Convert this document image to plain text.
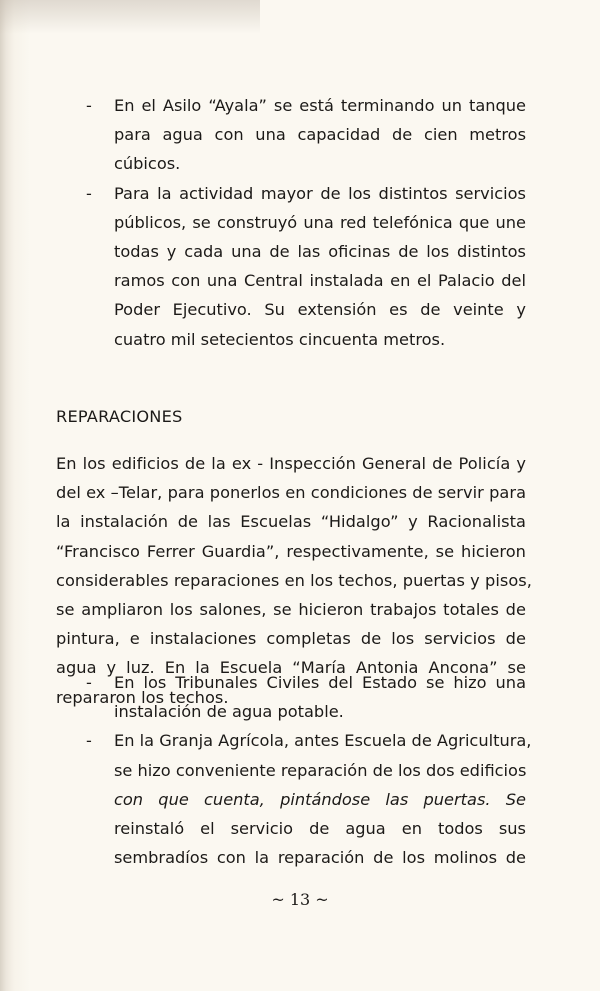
-	En el Asilo “Ayala” se está terminando un tanque
para agua con una capacidad de cien metros
cúbicos.
-	Para la actividad mayor de los distintos servicios
públicos, se construyó una red telefónica que une
todas y cada una de las oficinas de los distintos
ramos con una Central instalada en el Palacio del
Poder Ejecutivo. Su extensión es de veinte y
cuatro mil setecientos cincuenta metros.
REPARACIONES
En los edificios de la ex - Inspección General de Policía y
del ex –Telar, para ponerlos en condiciones de servir para
la instalación de las Escuelas “Hidalgo” y Racionalista
“Francisco Ferrer Guardia”, respectivamente, se hicieron
considerables reparaciones en los techos, puertas y pisos,
se ampliaron los salones, se hicieron trabajos totales de
pintura, e instalaciones completas de los servicios de
agua y luz. En la Escuela “María Antonia Ancona” se
repararon los techos.
-	En los Tribunales Civiles del Estado se hizo una
instalación de agua potable.
-	En la Granja Agrícola, antes Escuela de Agricultura,
se hizo conveniente reparación de los dos edificios
con que cuenta, pintándose las puertas. Se
reinstaló el servicio de agua en todos sus
sembradíos con la reparación de los molinos de
~ 13 ~
